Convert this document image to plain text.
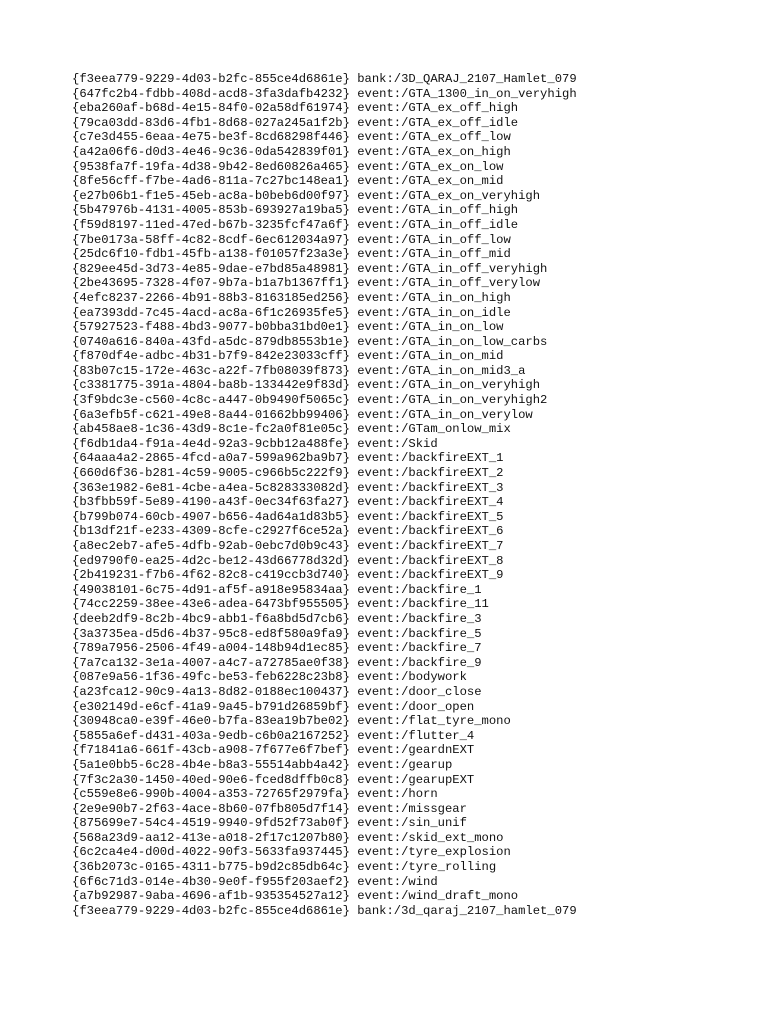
{f3eea779-9229-4d03-b2fc-855ce4d6861e} bank:/3D_QARAJ_2107_Hamlet_079
{647fc2b4-fdbb-408d-acd8-3fa3dafb4232} event:/GTA_1300_in_on_veryhigh
{eba260af-b68d-4e15-84f0-02a58df61974} event:/GTA_ex_off_high
{79ca03dd-83d6-4fb1-8d68-027a245a1f2b} event:/GTA_ex_off_idle
{c7e3d455-6eaa-4e75-be3f-8cd68298f446} event:/GTA_ex_off_low
{a42a06f6-d0d3-4e46-9c36-0da542839f01} event:/GTA_ex_on_high
{9538fa7f-19fa-4d38-9b42-8ed60826a465} event:/GTA_ex_on_low
{8fe56cff-f7be-4ad6-811a-7c27bc148ea1} event:/GTA_ex_on_mid
{e27b06b1-f1e5-45eb-ac8a-b0beb6d00f97} event:/GTA_ex_on_veryhigh
{5b47976b-4131-4005-853b-693927a19ba5} event:/GTA_in_off_high
{f59d8197-11ed-47ed-b67b-3235fcf47a6f} event:/GTA_in_off_idle
{7be0173a-58ff-4c82-8cdf-6ec612034a97} event:/GTA_in_off_low
{25dc6f10-fdb1-45fb-a138-f01057f23a3e} event:/GTA_in_off_mid
{829ee45d-3d73-4e85-9dae-e7bd85a48981} event:/GTA_in_off_veryhigh
{2be43695-7328-4f07-9b7a-b1a7b1367ff1} event:/GTA_in_off_verylow
{4efc8237-2266-4b91-88b3-8163185ed256} event:/GTA_in_on_high
{ea7393dd-7c45-4acd-ac8a-6f1c26935fe5} event:/GTA_in_on_idle
{57927523-f488-4bd3-9077-b0bba31bd0e1} event:/GTA_in_on_low
{0740a616-840a-43fd-a5dc-879db8553b1e} event:/GTA_in_on_low_carbs
{f870df4e-adbc-4b31-b7f9-842e23033cff} event:/GTA_in_on_mid
{83b07c15-172e-463c-a22f-7fb08039f873} event:/GTA_in_on_mid3_a
{c3381775-391a-4804-ba8b-133442e9f83d} event:/GTA_in_on_veryhigh
{3f9bdc3e-c560-4c8c-a447-0b9490f5065c} event:/GTA_in_on_veryhigh2
{6a3efb5f-c621-49e8-8a44-01662bb99406} event:/GTA_in_on_verylow
{ab458ae8-1c36-43d9-8c1e-fc2a0f81e05c} event:/GTam_onlow_mix
{f6db1da4-f91a-4e4d-92a3-9cbb12a488fe} event:/Skid
{64aaa4a2-2865-4fcd-a0a7-599a962ba9b7} event:/backfireEXT_1
{660d6f36-b281-4c59-9005-c966b5c222f9} event:/backfireEXT_2
{363e1982-6e81-4cbe-a4ea-5c828333082d} event:/backfireEXT_3
{b3fbb59f-5e89-4190-a43f-0ec34f63fa27} event:/backfireEXT_4
{b799b074-60cb-4907-b656-4ad64a1d83b5} event:/backfireEXT_5
{b13df21f-e233-4309-8cfe-c2927f6ce52a} event:/backfireEXT_6
{a8ec2eb7-afe5-4dfb-92ab-0ebc7d0b9c43} event:/backfireEXT_7
{ed9790f0-ea25-4d2c-be12-43d66778d32d} event:/backfireEXT_8
{2b419231-f7b6-4f62-82c8-c419ccb3d740} event:/backfireEXT_9
{49038101-6c75-4d91-af5f-a918e95834aa} event:/backfire_1
{74cc2259-38ee-43e6-adea-6473bf955505} event:/backfire_11
{deeb2df9-8c2b-4bc9-abb1-f6a8bd5d7cb6} event:/backfire_3
{3a3735ea-d5d6-4b37-95c8-ed8f580a9fa9} event:/backfire_5
{789a7956-2506-4f49-a004-148b94d1ec85} event:/backfire_7
{7a7ca132-3e1a-4007-a4c7-a72785ae0f38} event:/backfire_9
{087e9a56-1f36-49fc-be53-feb6228c23b8} event:/bodywork
{a23fca12-90c9-4a13-8d82-0188ec100437} event:/door_close
{e302149d-e6cf-41a9-9a45-b791d26859bf} event:/door_open
{30948ca0-e39f-46e0-b7fa-83ea19b7be02} event:/flat_tyre_mono
{5855a6ef-d431-403a-9edb-c6b0a2167252} event:/flutter_4
{f71841a6-661f-43cb-a908-7f677e6f7bef} event:/geardnEXT
{5a1e0bb5-6c28-4b4e-b8a3-55514abb4a42} event:/gearup
{7f3c2a30-1450-40ed-90e6-fced8dffb0c8} event:/gearupEXT
{c559e8e6-990b-4004-a353-72765f2979fa} event:/horn
{2e9e90b7-2f63-4ace-8b60-07fb805d7f14} event:/missgear
{875699e7-54c4-4519-9940-9fd52f73ab0f} event:/sin_unif
{568a23d9-aa12-413e-a018-2f17c1207b80} event:/skid_ext_mono
{6c2ca4e4-d00d-4022-90f3-5633fa937445} event:/tyre_explosion
{36b2073c-0165-4311-b775-b9d2c85db64c} event:/tyre_rolling
{6f6c71d3-014e-4b30-9e0f-f955f203aef2} event:/wind
{a7b92987-9aba-4696-af1b-935354527a12} event:/wind_draft_mono
{f3eea779-9229-4d03-b2fc-855ce4d6861e} bank:/3d_qaraj_2107_hamlet_079
